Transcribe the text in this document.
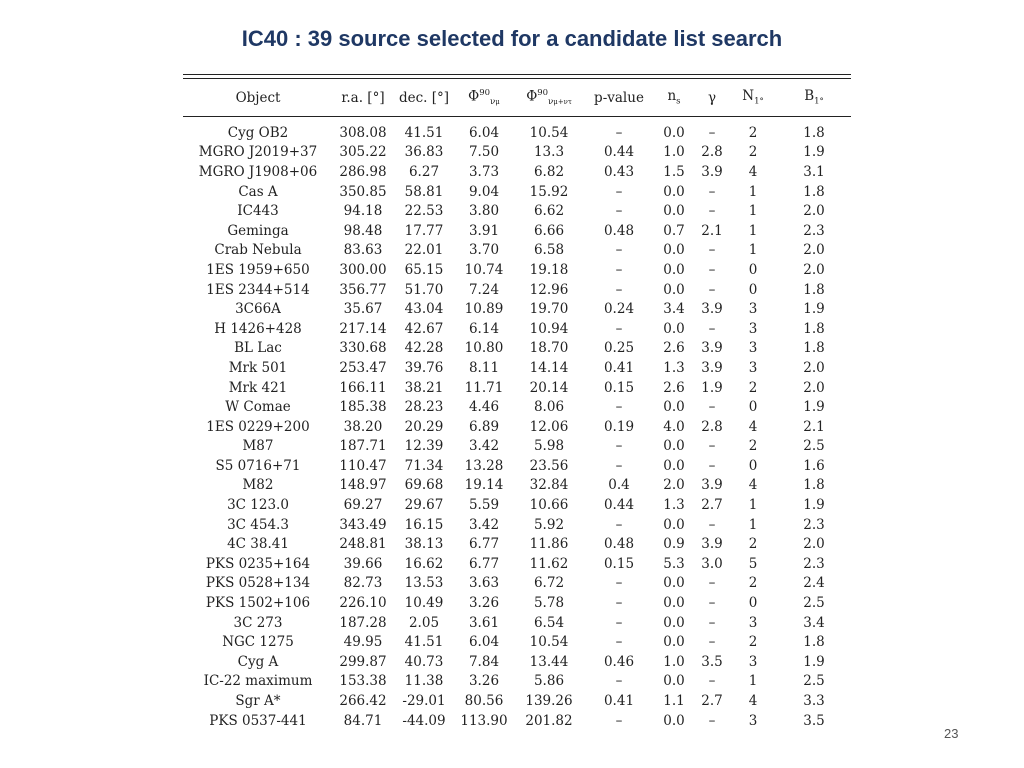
IC40 : 39 source selected for a candidate list search
Object	r.a. [°]	dec. [°]	$\Phi^{90}_{\nu\mu}$	$\Phi^{90}_{\nu\mu+\nu\tau}$	p-value	$n_s$	γ	$N_{1^\circ}$	$B_{1^\circ}$
Cyg OB2	308.08	41.51	6.04	10.54	–	0.0	–	2	1.8
MGRO J2019+37	305.22	36.83	7.50	13.3	0.44	1.0	2.8	2	1.9
MGRO J1908+06	286.98	6.27	3.73	6.82	0.43	1.5	3.9	4	3.1
Cas A	350.85	58.81	9.04	15.92	–	0.0	–	1	1.8
IC443	94.18	22.53	3.80	6.62	–	0.0	–	1	2.0
Geminga	98.48	17.77	3.91	6.66	0.48	0.7	2.1	1	2.3
Crab Nebula	83.63	22.01	3.70	6.58	–	0.0	–	1	2.0
1ES 1959+650	300.00	65.15	10.74	19.18	–	0.0	–	0	2.0
1ES 2344+514	356.77	51.70	7.24	12.96	–	0.0	–	0	1.8
3C66A	35.67	43.04	10.89	19.70	0.24	3.4	3.9	3	1.9
H 1426+428	217.14	42.67	6.14	10.94	–	0.0	–	3	1.8
BL Lac	330.68	42.28	10.80	18.70	0.25	2.6	3.9	3	1.8
Mrk 501	253.47	39.76	8.11	14.14	0.41	1.3	3.9	3	2.0
Mrk 421	166.11	38.21	11.71	20.14	0.15	2.6	1.9	2	2.0
W Comae	185.38	28.23	4.46	8.06	–	0.0	–	0	1.9
1ES 0229+200	38.20	20.29	6.89	12.06	0.19	4.0	2.8	4	2.1
M87	187.71	12.39	3.42	5.98	–	0.0	–	2	2.5
S5 0716+71	110.47	71.34	13.28	23.56	–	0.0	–	0	1.6
M82	148.97	69.68	19.14	32.84	0.4	2.0	3.9	4	1.8
3C 123.0	69.27	29.67	5.59	10.66	0.44	1.3	2.7	1	1.9
3C 454.3	343.49	16.15	3.42	5.92	–	0.0	–	1	2.3
4C 38.41	248.81	38.13	6.77	11.86	0.48	0.9	3.9	2	2.0
PKS 0235+164	39.66	16.62	6.77	11.62	0.15	5.3	3.0	5	2.3
PKS 0528+134	82.73	13.53	3.63	6.72	–	0.0	–	2	2.4
PKS 1502+106	226.10	10.49	3.26	5.78	–	0.0	–	0	2.5
3C 273	187.28	2.05	3.61	6.54	–	0.0	–	3	3.4
NGC 1275	49.95	41.51	6.04	10.54	–	0.0	–	2	1.8
Cyg A	299.87	40.73	7.84	13.44	0.46	1.0	3.5	3	1.9
IC-22 maximum	153.38	11.38	3.26	5.86	–	0.0	–	1	2.5
Sgr A*	266.42	-29.01	80.56	139.26	0.41	1.1	2.7	4	3.3
PKS 0537-441	84.71	-44.09	113.90	201.82	–	0.0	–	3	3.5
23
